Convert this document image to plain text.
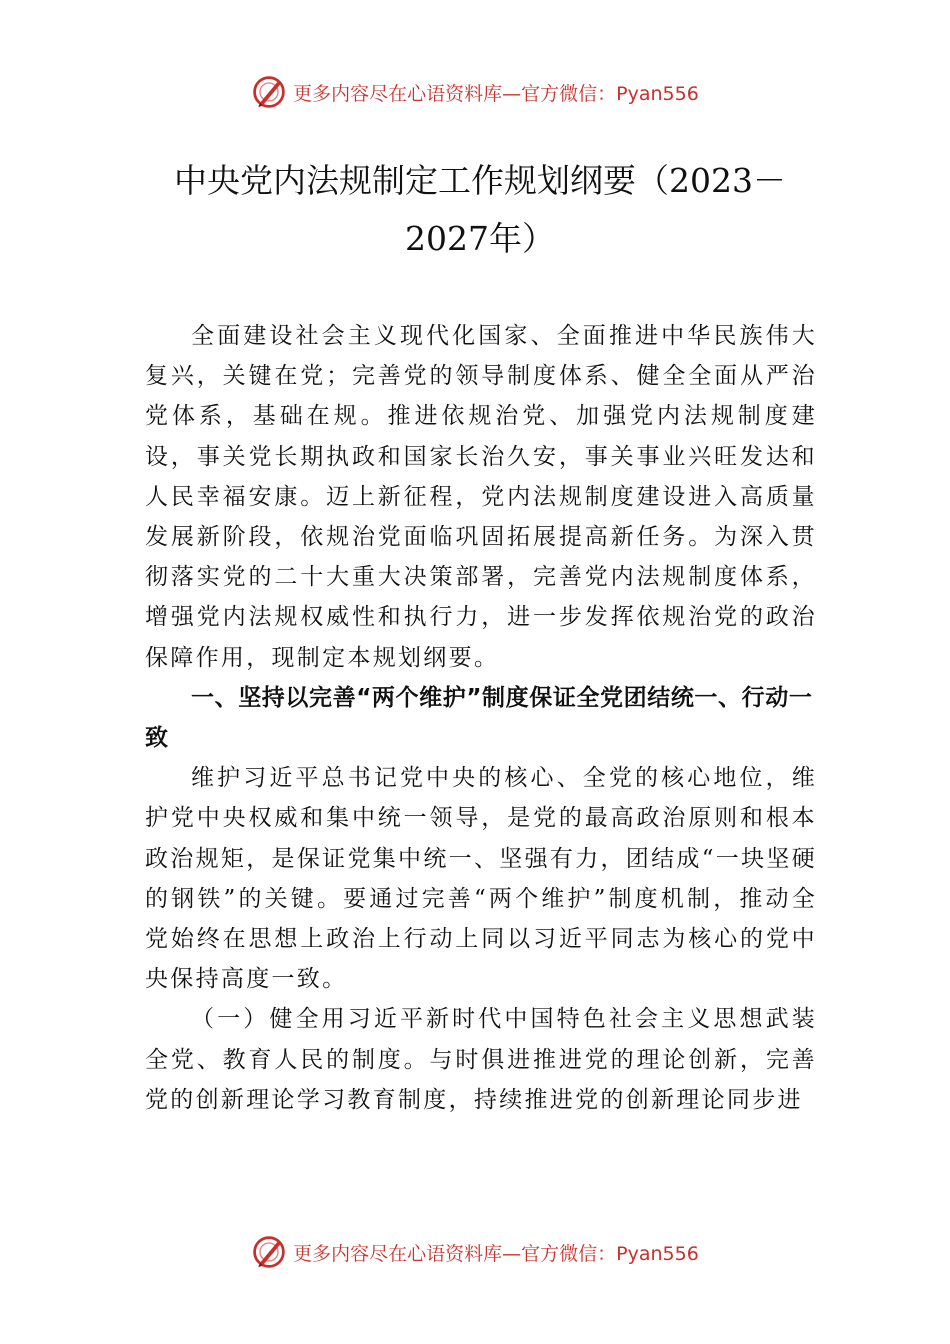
更多内容尽在心语资料库—官方微信：Pyan556
中央党内法规制定工作规划纲要（2023－
2027年）

全面建设社会主义现代化国家、全面推进中华民族伟大复兴，关键在党；完善党的领导制度体系、健全全面从严治党体系，基础在规。推进依规治党、加强党内法规制度建设，事关党长期执政和国家长治久安，事关事业兴旺发达和人民幸福安康。迈上新征程，党内法规制度建设进入高质量发展新阶段，依规治党面临巩固拓展提高新任务。为深入贯彻落实党的二十大重大决策部署，完善党内法规制度体系，增强党内法规权威性和执行力，进一步发挥依规治党的政治保障作用，现制定本规划纲要。

一、坚持以完善“两个维护”制度保证全党团结统一、行动一致

维护习近平总书记党中央的核心、全党的核心地位，维护党中央权威和集中统一领导，是党的最高政治原则和根本政治规矩，是保证党集中统一、坚强有力，团结成“一块坚硬的钢铁”的关键。要通过完善“两个维护”制度机制，推动全党始终在思想上政治上行动上同以习近平同志为核心的党中央保持高度一致。

（一）健全用习近平新时代中国特色社会主义思想武装全党、教育人民的制度。与时俱进推进党的理论创新，完善党的创新理论学习教育制度，持续推进党的创新理论同步进

更多内容尽在心语资料库—官方微信：Pyan556
